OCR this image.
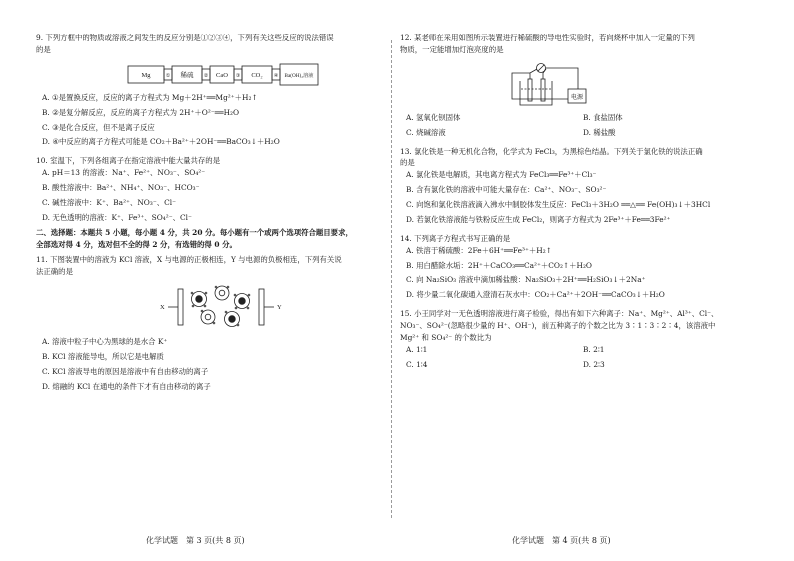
9. 下列方框中的物质或溶液之间发生的反应分别是①②③④，下列有关这些反应的说法错误

的是

Mg	① 稀硫 ② CaO ③ CO₂ ④ Ba(OH)₂溶液

A. ①是置换反应，反应的离子方程式为 Mg＋2H⁺══Mg²⁺＋H₂↑

B. ②是复分解反应，反应的离子方程式为 2H⁺＋O²⁻══H₂O

C. ③是化合反应，但不是离子反应

D. ④中反应的离子方程式可能是 CO₂＋Ba²⁺＋2OH⁻══BaCO₃↓＋H₂O

10. 室温下，下列各组离子在指定溶液中能大量共存的是

A. pH＝13 的溶液：Na⁺、Fe²⁺、NO₃⁻、SO₄²⁻

B. 酸性溶液中：Ba²⁺、NH₄⁺、NO₃⁻、HCO₃⁻

C. 碱性溶液中：K⁺、Ba²⁺、NO₃⁻、Cl⁻

D. 无色透明的溶液：K⁺、Fe³⁺、SO₄²⁻、Cl⁻

二、选择题：本题共 5 小题，每小题 4 分，共 20 分。每小题有一个或两个选项符合题目要求，

全部选对得 4 分，选对但不全的得 2 分，有选错的得 0 分。

11. 下图装置中的溶液为 KCl 溶液，X 与电源的正极相连，Y 与电源的负极相连，下列有关说

法正确的是

X	Y

A. 溶液中粒子中心为黑球的是水合 K⁺

B. KCl 溶液能导电，所以它是电解质

C. KCl 溶液导电的原因是溶液中有自由移动的离子

D. 熔融的 KCl 在通电的条件下才有自由移动的离子

12. 某老师在采用如图所示装置进行稀硫酸的导电性实验时，若向烧杯中加入一定量的下列

物质，一定能增加灯泡亮度的是

电源
A. 氢氧化钡固体	B. 食盐固体
C. 烧碱溶液	D. 稀盐酸

13. 氯化铁是一种无机化合物，化学式为 FeCl₃，为黑棕色结晶。下列关于氯化铁的说法正确

的是

A. 氯化铁是电解质，其电离方程式为 FeCl₃══Fe³⁺＋Cl₃⁻

B. 含有氯化铁的溶液中可能大量存在：Ca²⁺、NO₃⁻、SO₃²⁻

C. 向饱和氯化铁溶液滴入沸水中制胶体发生反应：FeCl₃＋3H₂O ══△══ Fe(OH)₃↓＋3HCl

D. 若氯化铁溶液能与铁粉反应生成 FeCl₂，则离子方程式为 2Fe³⁺＋Fe══3Fe²⁺

14. 下列离子方程式书写正确的是

A. 铁溶于稀硫酸：2Fe＋6H⁺══Fe³⁺＋H₂↑

B. 用白醋除水垢：2H⁺＋CaCO₃══Ca²⁺＋CO₂↑＋H₂O

C. 向 Na₂SiO₃ 溶液中滴加稀盐酸：Na₂SiO₃＋2H⁺══H₂SiO₃↓＋2Na⁺

D. 将少量二氧化碳通入澄清石灰水中：CO₂＋Ca²⁺＋2OH⁻══CaCO₃↓＋H₂O

15. 小王同学对一无色透明溶液进行离子检验，得出有如下六种离子：Na⁺、Mg²⁺、Al³⁺、Cl⁻、

NO₃⁻、SO₄²⁻(忽略很少量的 H⁺、OH⁻)，前五种离子的个数之比为 3∶1∶3∶2∶4，该溶液中

Mg²⁺ 和 SO₄²⁻ 的个数比为

A. 1∶1	B. 2∶1
C. 1∶4	D. 2∶3
化学试题　第 3 页(共 8 页)	化学试题　第 4 页(共 8 页)
